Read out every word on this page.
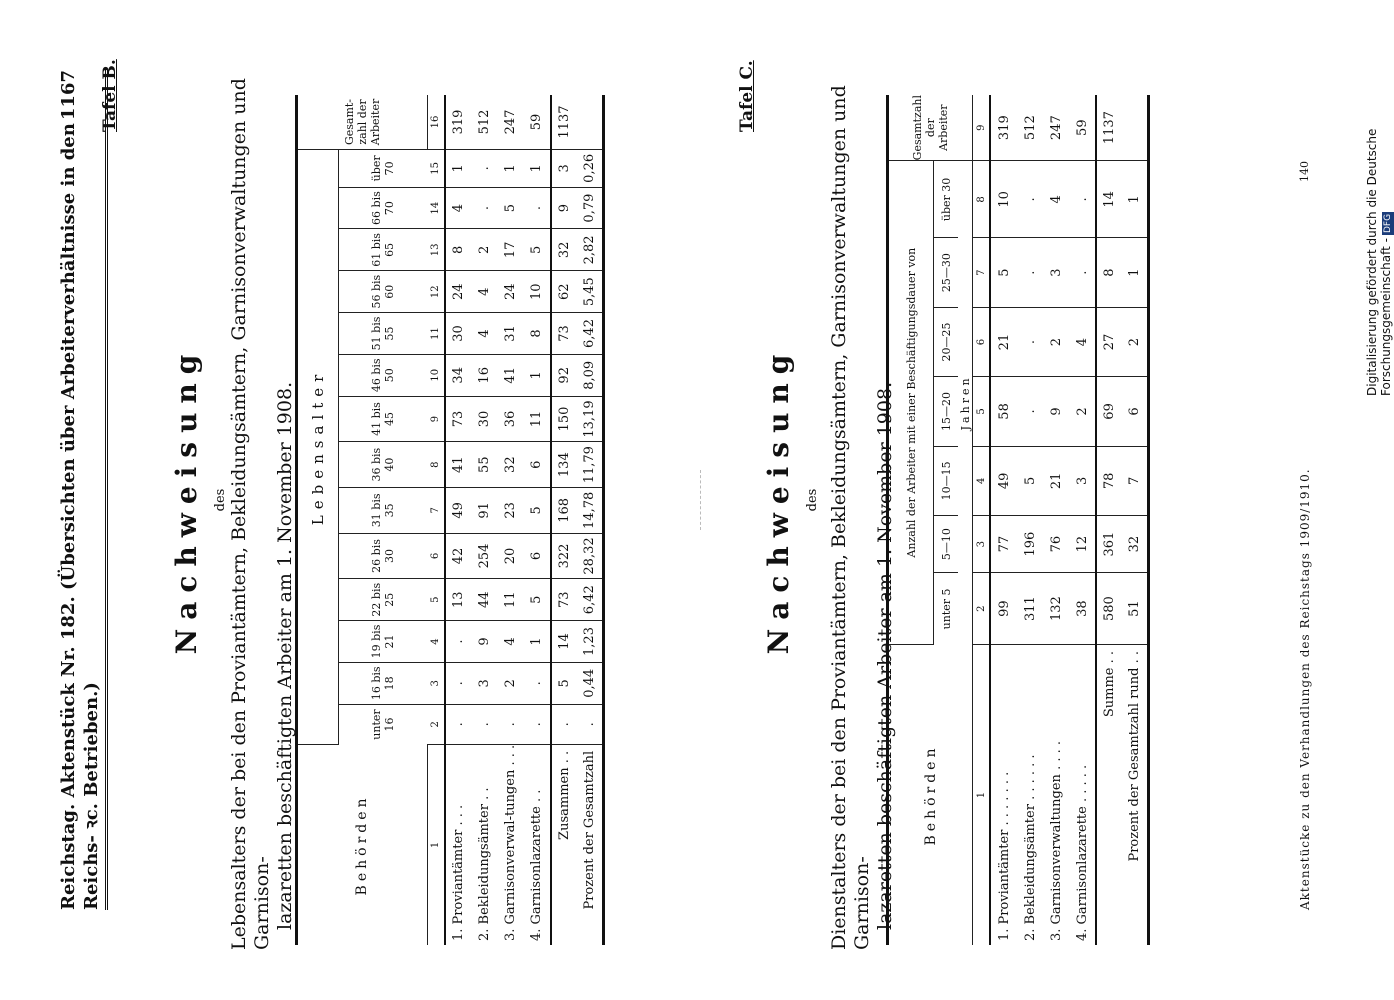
Reichstag. Aktenstück Nr. 182. (Übersichten über Arbeiterverhältnisse in den Reichs- ꝛc. Betrieben.)
1167 Tafel B.
Nachweisung des Lebensalters der bei den Proviantämtern, Bekleidungsämtern, Garnisonverwaltungen und Garnison- lazaretten beschäftigten Arbeiter am 1. November 1908.	Behörden	Lebensalter														Gesamt-zahl der Arbeiter
	unter 16	16 bis 18	19 bis 21	22 bis 25	26 bis 30	31 bis 35	36 bis 40	41 bis 45	46 bis 50	51 bis 55	56 bis 60	61 bis 65	66 bis 70	über 70	
1	2	3	4	5	6	7	8	9	10	11	12	13	14	15	16
1. Proviantämter . . .	.	.	.	13	42	49	41	73	34	30	24	8	4	1	319
2. Bekleidungsämter . .	.	3	9	44	254	91	55	30	16	4	4	2	.	.	512
3. Garnisonverwal-tungen . . .	.	2	4	11	20	23	32	36	41	31	24	17	5	1	247
4. Garnisonlazarette . .	.	.	1	5	6	5	6	11	1	8	10	5	.	1	59
Zusammen . .	.	5	14	73	322	168	134	150	92	73	62	32	9	3	1137
Prozent der Gesamtzahl	.	0,44	1,23	6,42	28,32	14,78	11,79	13,19	8,09	6,42	5,45	2,82	0,79	0,26	
Tafel C.
Nachweisung des Dienstalters der bei den Proviantämtern, Bekleidungsämtern, Garnisonverwaltungen und Garnison- lazaretten beschäftigten Arbeiter am 1. November 1908. Behörden	Anzahl der Arbeiter mit einer Beschäftigungsdauer von							Gesamtzahl der Arbeiter
	unter 5	5—10	10—15	15—20	20—25	25—30	über 30	
	Jahren							
1	2	3	4	5	6	7	8	9
1. Proviantämter . . . . . . .	99	77	49	58	21	5	10	319
2. Bekleidungsämter . . . . . .	311	196	5	.	.	.	.	512
3. Garnisonverwaltungen . . . .	132	76	21	9	2	3	4	247
4. Garnisonlazarette . . . . .	38	12	3	2	4	.	.	59
Summe . .	580	361	78	69	27	8	14	1137
Prozent der Gesamtzahl rund . .	51	32	7	6	2	1	1	
Aktenstücke zu den Verhandlungen des Reichstags 1909/1910.
140	Digitalisierung gefördert durch die Deutsche Forschungsgemeinschaft -DFG
